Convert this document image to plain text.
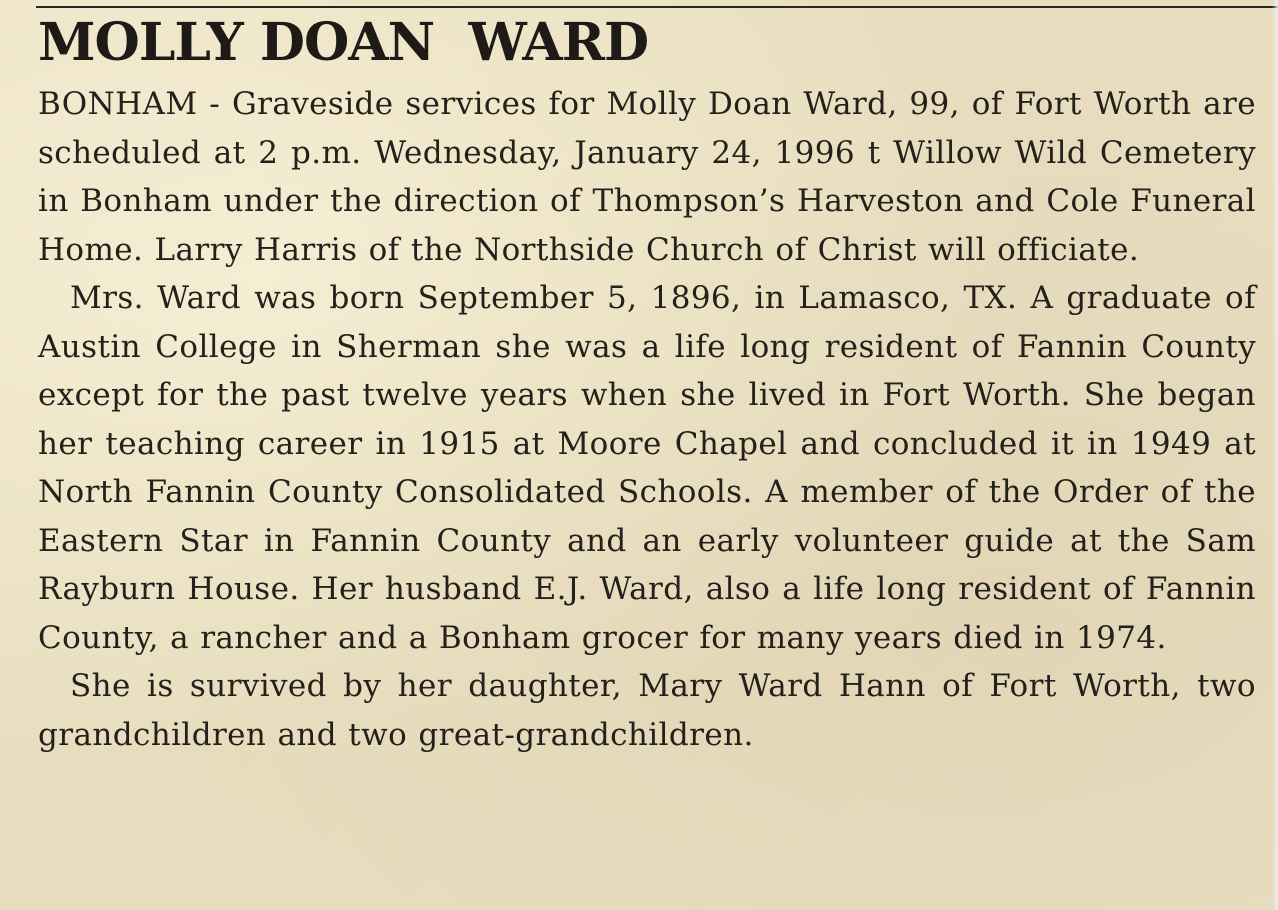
MOLLY DOAN  WARD

BONHAM - Graveside services for Molly Doan Ward, 99, of Fort Worth are scheduled at 2 p.m. Wednesday, January 24, 1996 t Willow Wild Cemetery in Bonham under the direction of Thompson’s Harveston and Cole Funeral Home. Larry Harris of the Northside Church of Christ will officiate.

Mrs. Ward was born September 5, 1896, in Lamasco, TX. A graduate of Austin College in Sherman she was a life long resident of Fannin County except for the past twelve years when she lived in Fort Worth. She began her teaching career in 1915 at Moore Chapel and concluded it in 1949 at North Fannin County Consolidated Schools. A member of the Order of the Eastern Star in Fannin County and an early volunteer guide at the Sam Rayburn House. Her husband E.J. Ward, also a life long resident of Fannin County, a rancher and a Bonham grocer for many years died in 1974.

She is survived by her daughter, Mary Ward Hann of Fort Worth, two grandchildren and two great-grandchildren.
